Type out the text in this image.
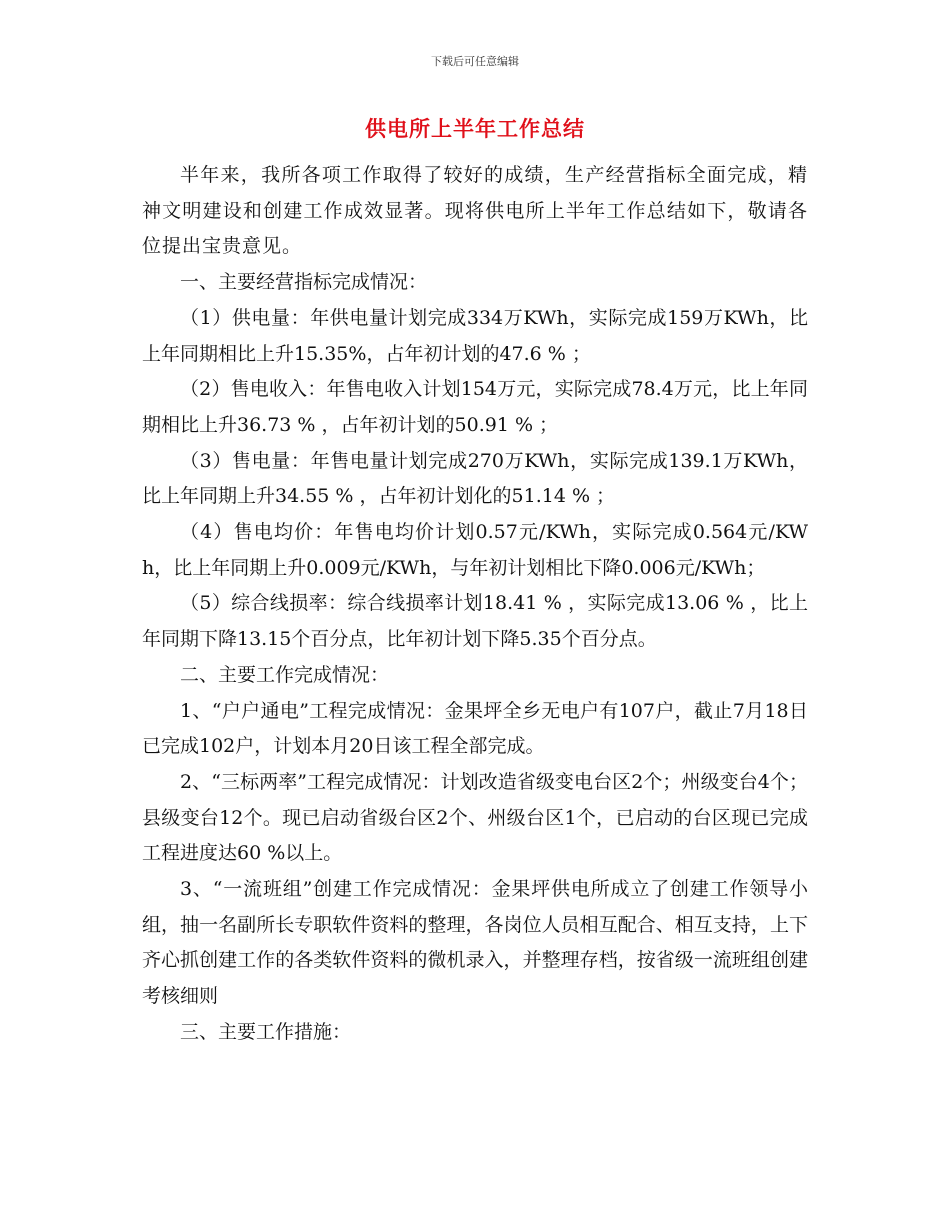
下载后可任意编辑
供电所上半年工作总结

半年来，我所各项工作取得了较好的成绩，生产经营指标全面完成，精神文明建设和创建工作成效显著。现将供电所上半年工作总结如下，敬请各位提出宝贵意见。

一、主要经营指标完成情况：

（1）供电量：年供电量计划完成334万KWh，实际完成159万KWh，比上年同期相比上升15.35%，占年初计划的47.6 % ；

（2）售电收入：年售电收入计划154万元，实际完成78.4万元，比上年同期相比上升36.73 % ，占年初计划的50.91 % ；

（3）售电量：年售电量计划完成270万KWh，实际完成139.1万KWh，比上年同期上升34.55 % ，占年初计划化的51.14 % ；

（4）售电均价：年售电均价计划0.57元/KWh，实际完成0.564元/KWh，比上年同期上升0.009元/KWh，与年初计划相比下降0.006元/KWh；

（5）综合线损率：综合线损率计划18.41 % ，实际完成13.06 % ，比上年同期下降13.15个百分点，比年初计划下降5.35个百分点。

二、主要工作完成情况：

1、“户户通电”工程完成情况：金果坪全乡无电户有107户，截止7月18日已完成102户，计划本月20日该工程全部完成。

2、“三标两率”工程完成情况：计划改造省级变电台区2个；州级变台4个；县级变台12个。现已启动省级台区2个、州级台区1个，已启动的台区现已完成工程进度达60 %以上。

3、“一流班组”创建工作完成情况：金果坪供电所成立了创建工作领导小组，抽一名副所长专职软件资料的整理，各岗位人员相互配合、相互支持，上下齐心抓创建工作的各类软件资料的微机录入，并整理存档，按省级一流班组创建考核细则

三、主要工作措施：
